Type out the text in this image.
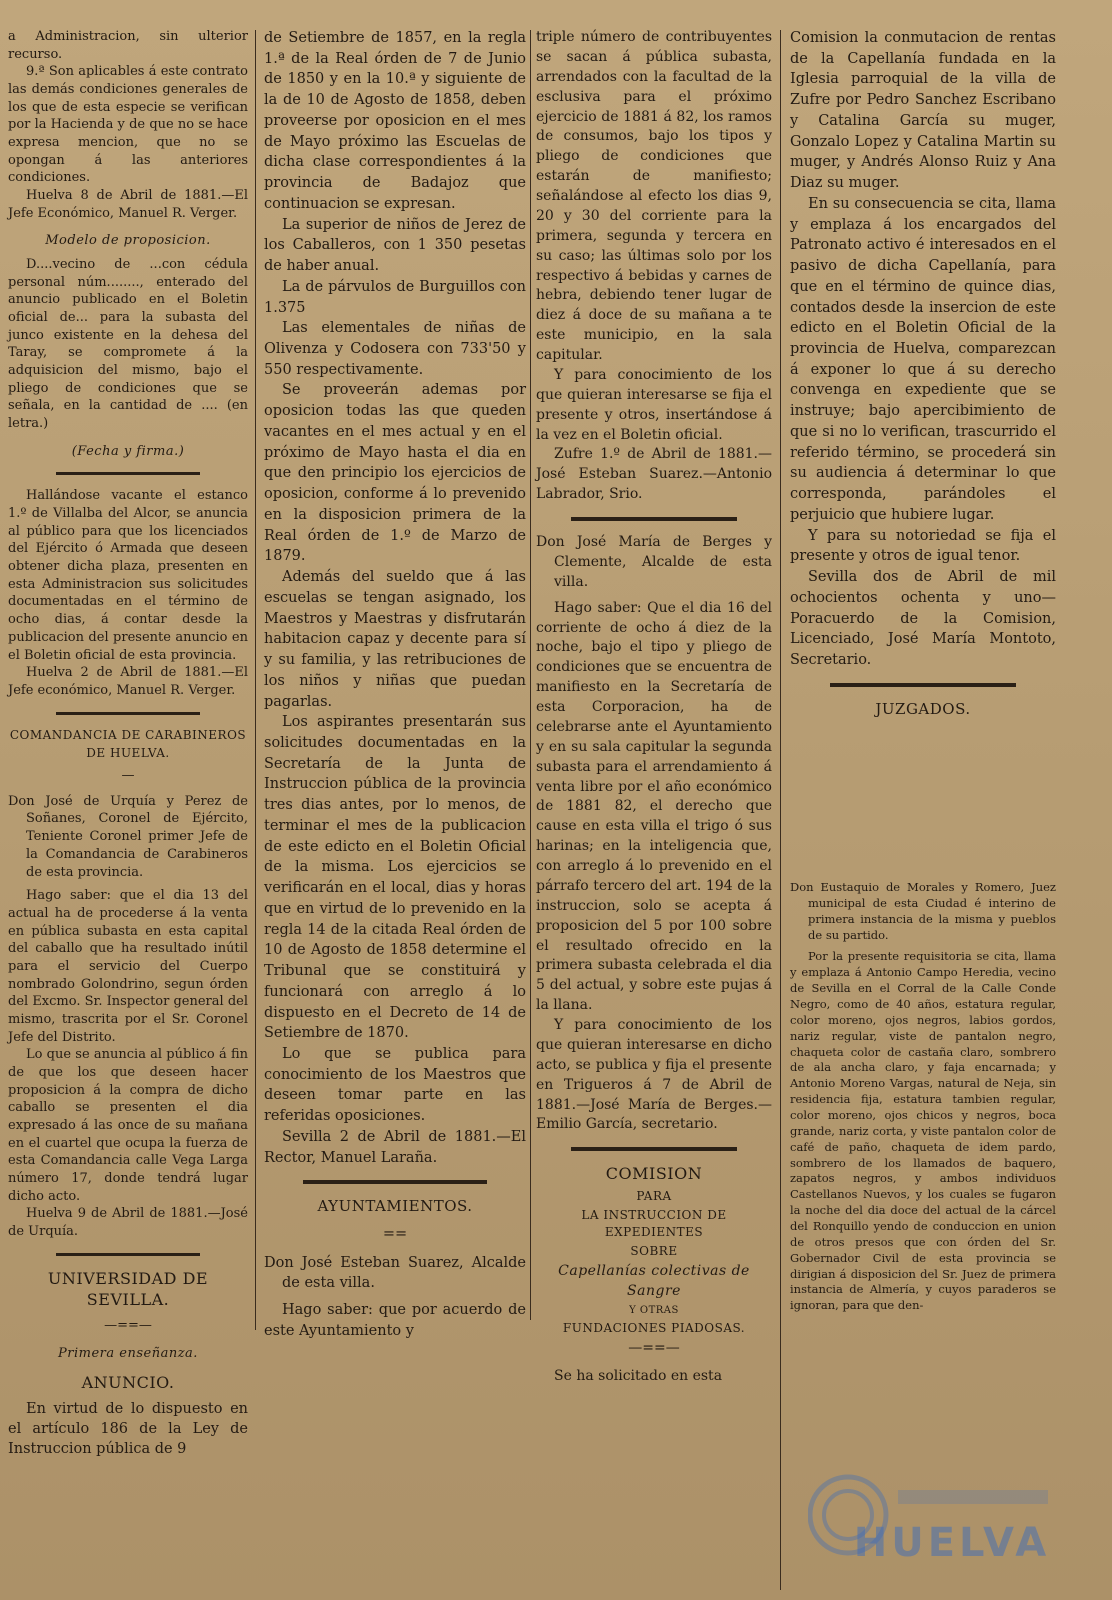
a Administracion, sin ulterior recurso.

9.ª Son aplicables á este contrato las demás condiciones generales de los que de esta especie se verifican por la Hacienda y de que no se hace expresa mencion, que no se opongan á las anteriores condiciones.

Huelva 8 de Abril de 1881.—El Jefe Económico, Manuel R. Verger.

Modelo de proposicion.

D....vecino de ...con cédula personal núm........, enterado del anuncio publicado en el Boletin oficial de... para la subasta del junco existente en la dehesa del Taray, se compromete á la adquisicion del mismo, bajo el pliego de condiciones que se señala, en la cantidad de .... (en letra.)

(Fecha y firma.)

Hallándose vacante el estanco 1.º de Villalba del Alcor, se anuncia al público para que los licenciados del Ejército ó Armada que deseen obtener dicha plaza, presenten en esta Administracion sus solicitudes documentadas en el término de ocho dias, á contar desde la publicacion del presente anuncio en el Boletin oficial de esta provincia.

Huelva 2 de Abril de 1881.—El Jefe económico, Manuel R. Verger.

COMANDANCIA DE CARABINEROS

DE HUELVA.

—

Don José de Urquía y Perez de Soñanes, Coronel de Ejército, Teniente Coronel primer Jefe de la Comandancia de Carabineros de esta provincia.

Hago saber: que el dia 13 del actual ha de procederse á la venta en pública subasta en esta capital del caballo que ha resultado inútil para el servicio del Cuerpo nombrado Golondrino, segun órden del Excmo. Sr. Inspector general del mismo, trascrita por el Sr. Coronel Jefe del Distrito.

Lo que se anuncia al público á fin de que los que deseen hacer proposicion á la compra de dicho caballo se presenten el dia expresado á las once de su mañana en el cuartel que ocupa la fuerza de esta Comandancia calle Vega Larga número 17, donde tendrá lugar dicho acto.

Huelva 9 de Abril de 1881.—José de Urquía.

UNIVERSIDAD DE SEVILLA.

—==—

Primera enseñanza.

ANUNCIO.

En virtud de lo dispuesto en el artículo 186 de la Ley de Instruccion pública de 9

de Setiembre de 1857, en la regla 1.ª de la Real órden de 7 de Junio de 1850 y en la 10.ª y siguiente de la de 10 de Agosto de 1858, deben proveerse por oposicion en el mes de Mayo próximo las Escuelas de dicha clase correspondientes á la provincia de Badajoz que continuacion se expresan.

La superior de niños de Jerez de los Caballeros, con 1 350 pesetas de haber anual.

La de párvulos de Burguillos con 1.375

Las elementales de niñas de Olivenza y Codosera con 733'50 y 550 respectivamente.

Se proveerán ademas por oposicion todas las que queden vacantes en el mes actual y en el próximo de Mayo hasta el dia en que den principio los ejercicios de oposicion, conforme á lo prevenido en la disposicion primera de la Real órden de 1.º de Marzo de 1879.

Además del sueldo que á las escuelas se tengan asignado, los Maestros y Maestras y disfrutarán habitacion capaz y decente para sí y su familia, y las retribuciones de los niños y niñas que puedan pagarlas.

Los aspirantes presentarán sus solicitudes documentadas en la Secretaría de la Junta de Instruccion pública de la provincia tres dias antes, por lo menos, de terminar el mes de la publicacion de este edicto en el Boletin Oficial de la misma. Los ejercicios se verificarán en el local, dias y horas que en virtud de lo prevenido en la regla 14 de la citada Real órden de 10 de Agosto de 1858 determine el Tribunal que se constituirá y funcionará con arreglo á lo dispuesto en el Decreto de 14 de Setiembre de 1870.

Lo que se publica para conocimiento de los Maestros que deseen tomar parte en las referidas oposiciones.

Sevilla 2 de Abril de 1881.—El Rector, Manuel Laraña.

AYUNTAMIENTOS.

==

Don José Esteban Suarez, Alcalde de esta villa.

Hago saber: que por acuerdo de este Ayuntamiento y

triple número de contribuyentes se sacan á pública subasta, arrendados con la facultad de la esclusiva para el próximo ejercicio de 1881 á 82, los ramos de consumos, bajo los tipos y pliego de condiciones que estarán de manifiesto; señalándose al efecto los dias 9, 20 y 30 del corriente para la primera, segunda y tercera en su caso; las últimas solo por los respectivo á bebidas y carnes de hebra, debiendo tener lugar de diez á doce de su mañana a te este municipio, en la sala capitular.

Y para conocimiento de los que quieran interesarse se fija el presente y otros, insertándose á la vez en el Boletin oficial.

Zufre 1.º de Abril de 1881.—José Esteban Suarez.—Antonio Labrador, Srio.

Don José María de Berges y Clemente, Alcalde de esta villa.

Hago saber: Que el dia 16 del corriente de ocho á diez de la noche, bajo el tipo y pliego de condiciones que se encuentra de manifiesto en la Secretaría de esta Corporacion, ha de celebrarse ante el Ayuntamiento y en su sala capitular la segunda subasta para el arrendamiento á venta libre por el año económico de 1881 82, el derecho que cause en esta villa el trigo ó sus harinas; en la inteligencia que, con arreglo á lo prevenido en el párrafo tercero del art. 194 de la instruccion, solo se acepta á proposicion del 5 por 100 sobre el resultado ofrecido en la primera subasta celebrada el dia 5 del actual, y sobre este pujas á la llana.

Y para conocimiento de los que quieran interesarse en dicho acto, se publica y fija el presente en Trigueros á 7 de Abril de 1881.—José María de Berges.—Emilio García, secretario.

COMISION

PARA

LA INSTRUCCION DE EXPEDIENTES

SOBRE

Capellanías colectivas de Sangre

Y OTRAS

FUNDACIONES PIADOSAS.

—==—

Se ha solicitado en esta

Comision la conmutacion de rentas de la Capellanía fundada en la Iglesia parroquial de la villa de Zufre por Pedro Sanchez Escribano y Catalina García su muger, Gonzalo Lopez y Catalina Martin su muger, y Andrés Alonso Ruiz y Ana Diaz su muger.

En su consecuencia se cita, llama y emplaza á los encargados del Patronato activo é interesados en el pasivo de dicha Capellanía, para que en el término de quince dias, contados desde la insercion de este edicto en el Boletin Oficial de la provincia de Huelva, comparezcan á exponer lo que á su derecho convenga en expediente que se instruye; bajo apercibimiento de que si no lo verifican, trascurrido el referido término, se procederá sin su audiencia á determinar lo que corresponda, parándoles el perjuicio que hubiere lugar.

Y para su notoriedad se fija el presente y otros de igual tenor.

Sevilla dos de Abril de mil ochocientos ochenta y uno—Poracuerdo de la Comision, Licenciado, José María Montoto, Secretario.

JUZGADOS.

Don Eustaquio de Morales y Romero, Juez municipal de esta Ciudad é interino de primera instancia de la misma y pueblos de su partido.

Por la presente requisitoria se cita, llama y emplaza á Antonio Campo Heredia, vecino de Sevilla en el Corral de la Calle Conde Negro, como de 40 años, estatura regular, color moreno, ojos negros, labios gordos, nariz regular, viste de pantalon negro, chaqueta color de castaña claro, sombrero de ala ancha claro, y faja encarnada; y Antonio Moreno Vargas, natural de Neja, sin residencia fija, estatura tambien regular, color moreno, ojos chicos y negros, boca grande, nariz corta, y viste pantalon color de café de paño, chaqueta de idem pardo, sombrero de los llamados de baquero, zapatos negros, y ambos individuos Castellanos Nuevos, y los cuales se fugaron la noche del dia doce del actual de la cárcel del Ronquillo yendo de conduccion en union de otros presos que con órden del Sr. Gobernador Civil de esta provincia se dirigian á disposicion del Sr. Juez de primera instancia de Almería, y cuyos paraderos se ignoran, para que den-

HUELVA
